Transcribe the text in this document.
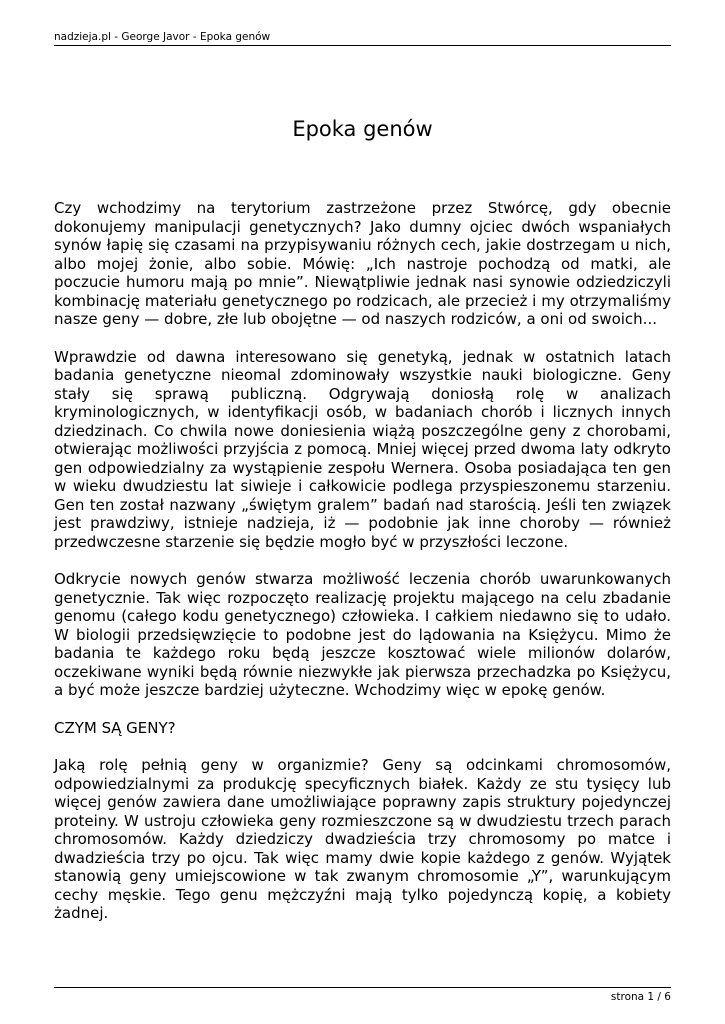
nadzieja.pl - George Javor - Epoka genów
Epoka genów

Czy wchodzimy na terytorium zastrzeżone przez Stwórcę, gdy obecnie dokonujemy manipulacji genetycznych? Jako dumny ojciec dwóch wspaniałych synów łapię się czasami na przypisywaniu różnych cech, jakie dostrzegam u nich, albo mojej żonie, albo sobie. Mówię: „Ich nastroje pochodzą od matki, ale poczucie humoru mają po mnie”. Niewątpliwie jednak nasi synowie odziedziczyli kombinację materiału genetycznego po rodzicach, ale przecież i my otrzymaliśmy nasze geny — dobre, złe lub obojętne — od naszych rodziców, a oni od swoich...

Wprawdzie od dawna interesowano się genetyką, jednak w ostatnich latach badania genetyczne nieomal zdominowały wszystkie nauki biologiczne. Geny stały się sprawą publiczną. Odgrywają doniosłą rolę w analizach kryminologicznych, w identyfikacji osób, w badaniach chorób i licznych innych dziedzinach. Co chwila nowe doniesienia wiążą poszczególne geny z chorobami, otwierając możliwości przyjścia z pomocą. Mniej więcej przed dwoma laty odkryto gen odpowiedzialny za wystąpienie zespołu Wernera. Osoba posiadająca ten gen w wieku dwudziestu lat siwieje i całkowicie podlega przyspieszonemu starzeniu. Gen ten został nazwany „świętym gralem” badań nad starością. Jeśli ten związek jest prawdziwy, istnieje nadzieja, iż — podobnie jak inne choroby — również przedwczesne starzenie się będzie mogło być w przyszłości leczone.

Odkrycie nowych genów stwarza możliwość leczenia chorób uwarunkowanych genetycznie. Tak więc rozpoczęto realizację projektu mającego na celu zbadanie genomu (całego kodu genetycznego) człowieka. I całkiem niedawno się to udało. W biologii przedsięwzięcie to podobne jest do lądowania na Księżycu. Mimo że badania te każdego roku będą jeszcze kosztować wiele milionów dolarów, oczekiwane wyniki będą równie niezwykłe jak pierwsza przechadzka po Księżycu, a być może jeszcze bardziej użyteczne. Wchodzimy więc w epokę genów.

CZYM SĄ GENY?

Jaką rolę pełnią geny w organizmie? Geny są odcinkami chromosomów, odpowiedzialnymi za produkcję specyficznych białek. Każdy ze stu tysięcy lub więcej genów zawiera dane umożliwiające poprawny zapis struktury pojedynczej proteiny. W ustroju człowieka geny rozmieszczone są w dwudziestu trzech parach chromosomów. Każdy dziedziczy dwadzieścia trzy chromosomy po matce i dwadzieścia trzy po ojcu. Tak więc mamy dwie kopie każdego z genów. Wyjątek stanowią geny umiejscowione w tak zwanym chromosomie „Y”, warunkującym cechy męskie. Tego genu mężczyźni mają tylko pojedynczą kopię, a kobiety żadnej.

strona 1 / 6
